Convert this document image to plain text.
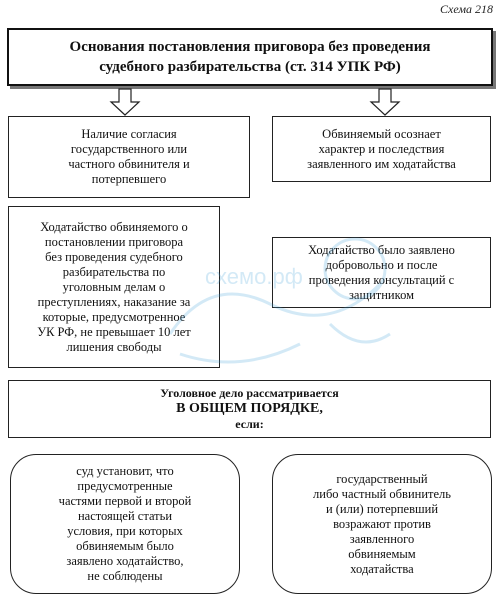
Схема 218
Основания постановления приговора без проведения
судебного разбирательства (ст. 314 УПК РФ)
Наличие согласия
государственного или
частного обвинителя и
потерпевшего
Обвиняемый осознает
характер и последствия
заявленного им ходатайства
Ходатайство обвиняемого о
постановлении приговора
без проведения судебного
разбирательства по
уголовным делам о
преступлениях, наказание за
которые, предусмотренное
УК РФ, не превышает 10 лет
лишения свободы
Ходатайство было заявлено
добровольно и после
проведения консультаций с
защитником
схемо.рф
Уголовное дело рассматривается
В ОБЩЕМ ПОРЯДКЕ,
если:
суд установит, что
предусмотренные
частями первой и второй
настоящей статьи
условия, при которых
обвиняемым было
заявлено ходатайство,
не соблюдены
государственный
либо частный обвинитель
и (или) потерпевший
возражают против
заявленного
обвиняемым
ходатайства
